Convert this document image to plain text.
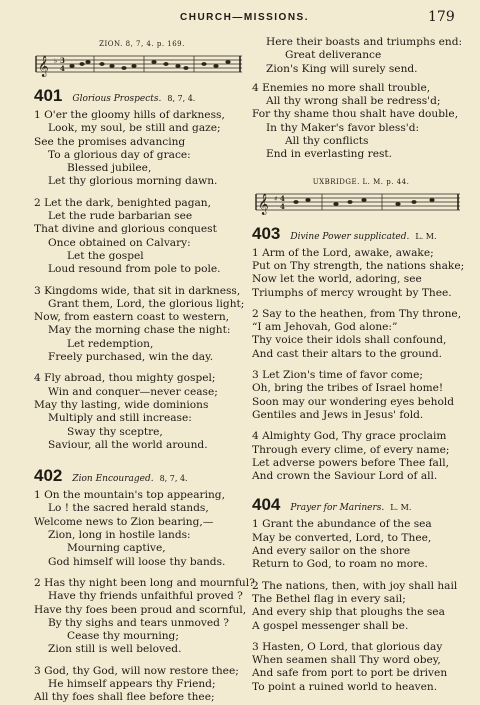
CHURCH—MISSIONS.	179
ZION. 8, 7, 4. p. 169.
𝄞 ♭ 3
4
401 Glorious Prospects. 8, 7, 4.
1 O'er the gloomy hills of darkness,
Look, my soul, be still and gaze;
See the promises advancing
To a glorious day of grace:
Blessed jubilee,
Let thy glorious morning dawn.
2 Let the dark, benighted pagan,
Let the rude barbarian see
That divine and glorious conquest
Once obtained on Calvary:
Let the gospel
Loud resound from pole to pole.
3 Kingdoms wide, that sit in darkness,
Grant them, Lord, the glorious light;
Now, from eastern coast to western,
May the morning chase the night:
Let redemption,
Freely purchased, win the day.
4 Fly abroad, thou mighty gospel;
Win and conquer—never cease;
May thy lasting, wide dominions
Multiply and still increase:
Sway thy sceptre,
Saviour, all the world around.
402 Zion Encouraged. 8, 7, 4.
1 On the mountain's top appearing,
Lo ! the sacred herald stands,
Welcome news to Zion bearing,—
Zion, long in hostile lands:
Mourning captive,
God himself will loose thy bands.
2 Has thy night been long and mournful?
Have thy friends unfaithful proved ?
Have thy foes been proud and scornful,
By thy sighs and tears unmoved ?
Cease thy mourning;
Zion still is well beloved.
3 God, thy God, will now restore thee;
He himself appears thy Friend;
All thy foes shall flee before thee;
Here their boasts and triumphs end:
Great deliverance
Zion's King will surely send.
4 Enemies no more shall trouble,
All thy wrong shall be redress'd;
For thy shame thou shalt have double,
In thy Maker's favor bless'd:
All thy conflicts
End in everlasting rest.
UXBRIDGE. L. M. p. 44.
𝄞 ♯ 4
4
403 Divine Power supplicated. L. M.
1 Arm of the Lord, awake, awake;
Put on Thy strength, the nations shake;
Now let the world, adoring, see
Triumphs of mercy wrought by Thee.
2 Say to the heathen, from Thy throne,
“I am Jehovah, God alone:”
Thy voice their idols shall confound,
And cast their altars to the ground.
3 Let Zion's time of favor come;
Oh, bring the tribes of Israel home!
Soon may our wondering eyes behold
Gentiles and Jews in Jesus' fold.
4 Almighty God, Thy grace proclaim
Through every clime, of every name;
Let adverse powers before Thee fall,
And crown the Saviour Lord of all.
404 Prayer for Mariners. L. M.
1 Grant the abundance of the sea
May be converted, Lord, to Thee,
And every sailor on the shore
Return to God, to roam no more.
2 The nations, then, with joy shall hail
The Bethel flag in every sail;
And every ship that ploughs the sea
A gospel messenger shall be.
3 Hasten, O Lord, that glorious day
When seamen shall Thy word obey,
And safe from port to port be driven
To point a ruined world to heaven.
